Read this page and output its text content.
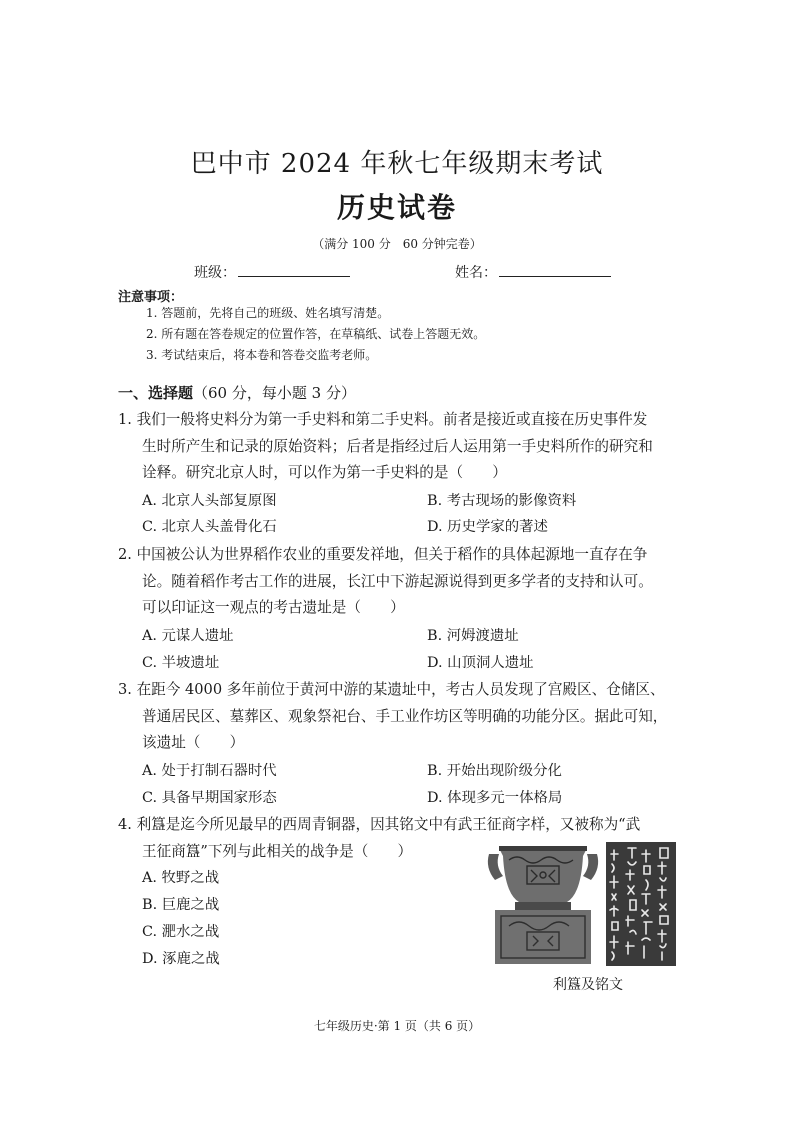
巴中市 2024 年秋七年级期末考试
历史试卷
（满分 100 分　60 分钟完卷）
班级：	姓名：
注意事项：
1. 答题前，先将自己的班级、姓名填写清楚。
2. 所有题在答卷规定的位置作答，在草稿纸、试卷上答题无效。
3. 考试结束后，将本卷和答卷交监考老师。
一、选择题（60 分，每小题 3 分）
1. 我们一般将史料分为第一手史料和第二手史料。前者是接近或直接在历史事件发
生时所产生和记录的原始资料；后者是指经过后人运用第一手史料所作的研究和
诠释。研究北京人时，可以作为第一手史料的是（　　）
A. 北京人头部复原图	B. 考古现场的影像资料
C. 北京人头盖骨化石	D. 历史学家的著述
2. 中国被公认为世界稻作农业的重要发祥地，但关于稻作的具体起源地一直存在争
论。随着稻作考古工作的进展，长江中下游起源说得到更多学者的支持和认可。
可以印证这一观点的考古遗址是（　　）
A. 元谋人遗址	B. 河姆渡遗址
C. 半坡遗址	D. 山顶洞人遗址
3. 在距今 4000 多年前位于黄河中游的某遗址中，考古人员发现了宫殿区、仓储区、
普通居民区、墓葬区、观象祭祀台、手工业作坊区等明确的功能分区。据此可知，
该遗址（　　）
A. 处于打制石器时代	B. 开始出现阶级分化
C. 具备早期国家形态	D. 体现多元一体格局
4. 利簋是迄今所见最早的西周青铜器，因其铭文中有武王征商字样，又被称为“武
王征商簋”下列与此相关的战争是（　　）
A. 牧野之战
B. 巨鹿之战
C. 淝水之战
D. 涿鹿之战
利簋及铭文
七年级历史·第 1 页（共 6 页）
